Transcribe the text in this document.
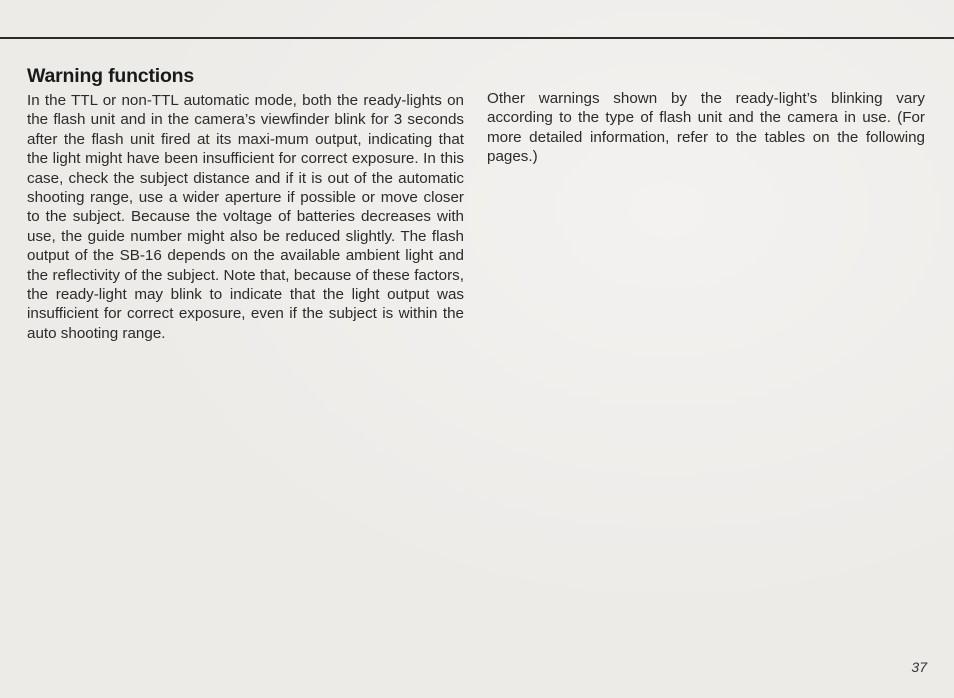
Warning functions

In the TTL or non-TTL automatic mode, both the ready-lights on the flash unit and in the camera’s viewfinder blink for 3 seconds after the flash unit fired at its maxi-mum output, indicating that the light might have been insufficient for correct exposure. In this case, check the subject distance and if it is out of the automatic shooting range, use a wider aperture if possible or move closer to the subject. Because the voltage of batteries decreases with use, the guide number might also be reduced slightly. The flash output of the SB-16 depends on the available ambient light and the reflectivity of the subject. Note that, because of these factors, the ready-light may blink to indicate that the light output was insufficient for correct exposure, even if the subject is within the auto shooting range.

Other warnings shown by the ready-light’s blinking vary according to the type of flash unit and the camera in use. (For more detailed information, refer to the tables on the following pages.)

37
